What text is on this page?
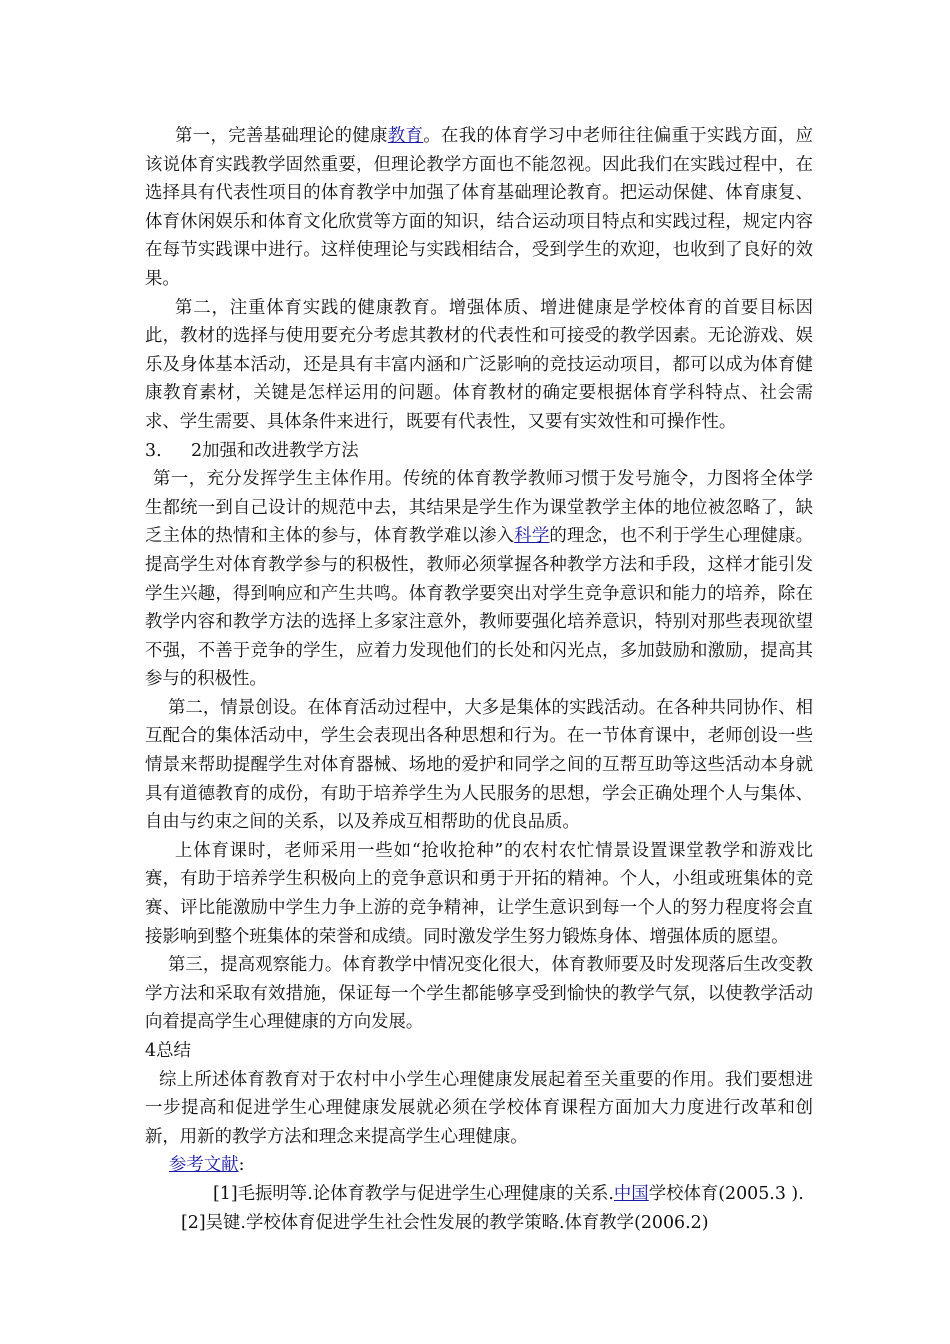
第一，完善基础理论的健康教育。在我的体育学习中老师往往偏重于实践方面，应该说体育实践教学固然重要，但理论教学方面也不能忽视。因此我们在实践过程中，在选择具有代表性项目的体育教学中加强了体育基础理论教育。把运动保健、体育康复、体育休闲娱乐和体育文化欣赏等方面的知识，结合运动项目特点和实践过程，规定内容在每节实践课中进行。这样使理论与实践相结合，受到学生的欢迎，也收到了良好的效果。

第二，注重体育实践的健康教育。增强体质、增进健康是学校体育的首要目标因此，教材的选择与使用要充分考虑其教材的代表性和可接受的教学因素。无论游戏、娱乐及身体基本活动，还是具有丰富内涵和广泛影响的竞技运动项目，都可以成为体育健康教育素材，关键是怎样运用的问题。体育教材的确定要根据体育学科特点、社会需求、学生需要、具体条件来进行，既要有代表性，又要有实效性和可操作性。

3. 2加强和改进教学方法

第一，充分发挥学生主体作用。传统的体育教学教师习惯于发号施令，力图将全体学生都统一到自己设计的规范中去，其结果是学生作为课堂教学主体的地位被忽略了，缺乏主体的热情和主体的参与，体育教学难以渗入科学的理念，也不利于学生心理健康。提高学生对体育教学参与的积极性，教师必须掌握各种教学方法和手段，这样才能引发学生兴趣，得到响应和产生共鸣。体育教学要突出对学生竞争意识和能力的培养，除在教学内容和教学方法的选择上多家注意外，教师要强化培养意识，特别对那些表现欲望不强，不善于竞争的学生，应着力发现他们的长处和闪光点，多加鼓励和激励，提高其参与的积极性。

第二，情景创设。在体育活动过程中，大多是集体的实践活动。在各种共同协作、相互配合的集体活动中，学生会表现出各种思想和行为。在一节体育课中，老师创设一些情景来帮助提醒学生对体育器械、场地的爱护和同学之间的互帮互助等这些活动本身就具有道德教育的成份，有助于培养学生为人民服务的思想，学会正确处理个人与集体、自由与约束之间的关系，以及养成互相帮助的优良品质。

上体育课时，老师采用一些如“抢收抢种”的农村农忙情景设置课堂教学和游戏比赛，有助于培养学生积极向上的竞争意识和勇于开拓的精神。个人，小组或班集体的竞赛、评比能激励中学生力争上游的竞争精神，让学生意识到每一个人的努力程度将会直接影响到整个班集体的荣誉和成绩。同时激发学生努力锻炼身体、增强体质的愿望。

第三，提高观察能力。体育教学中情况变化很大，体育教师要及时发现落后生改变教学方法和采取有效措施，保证每一个学生都能够享受到愉快的教学气氛，以使教学活动向着提高学生心理健康的方向发展。

4总结

综上所述体育教育对于农村中小学生心理健康发展起着至关重要的作用。我们要想进一步提高和促进学生心理健康发展就必须在学校体育课程方面加大力度进行改革和创新，用新的教学方法和理念来提高学生心理健康。

参考文献:

[1]毛振明等.论体育教学与促进学生心理健康的关系.中国学校体育(2005.3 ).

[2]吴键.学校体育促进学生社会性发展的教学策略.体育教学(2006.2)
